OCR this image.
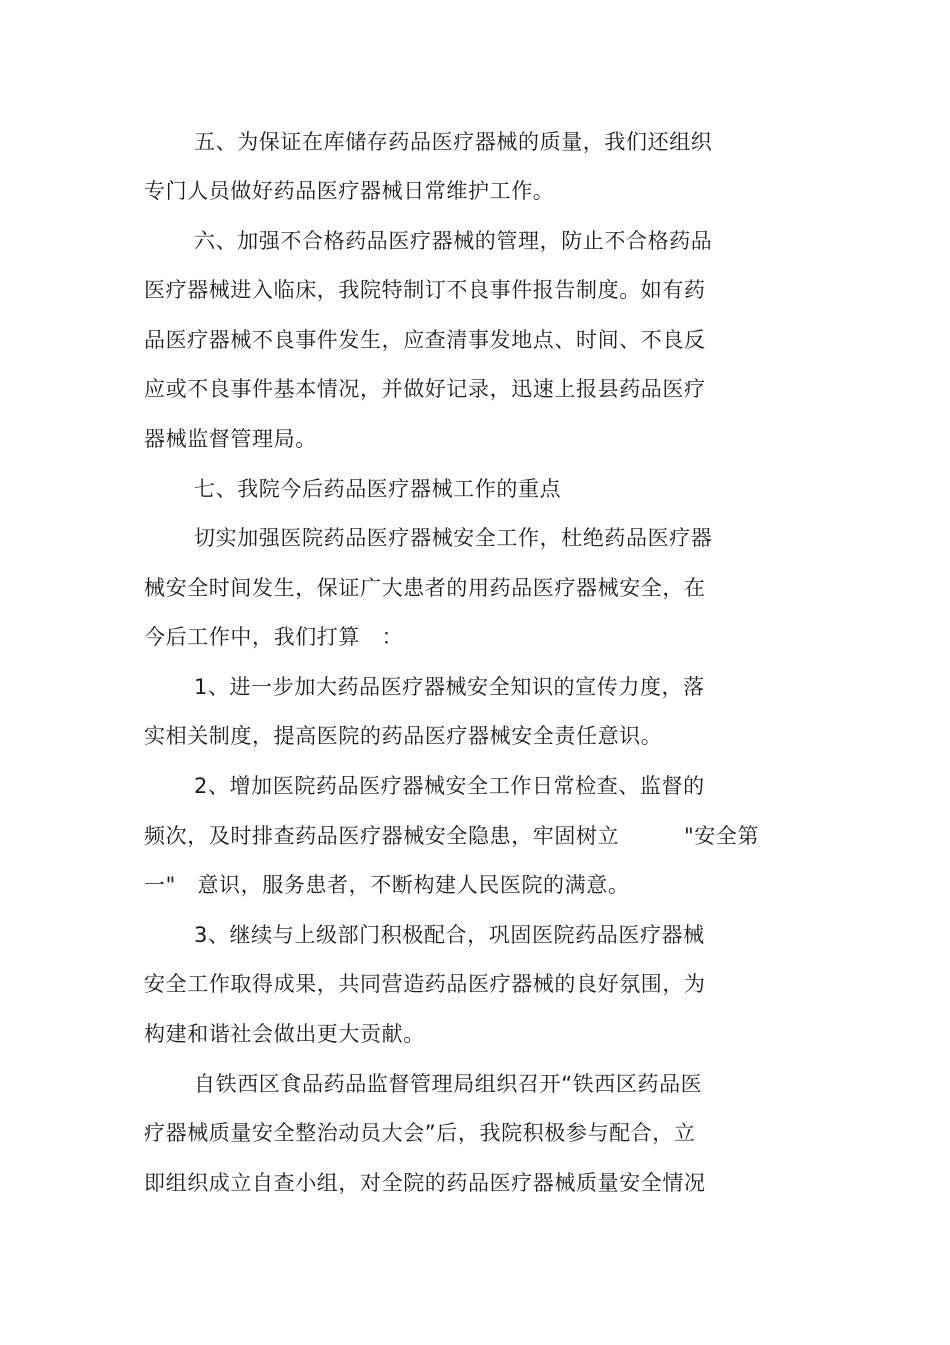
五、为保证在库储存药品医疗器械的质量，我们还组织
专门人员做好药品医疗器械日常维护工作。
六、加强不合格药品医疗器械的管理，防止不合格药品
医疗器械进入临床，我院特制订不良事件报告制度。如有药
品医疗器械不良事件发生，应查清事发地点、时间、不良反
应或不良事件基本情况，并做好记录，迅速上报县药品医疗
器械监督管理局。
七、我院今后药品医疗器械工作的重点
切实加强医院药品医疗器械安全工作，杜绝药品医疗器
械安全时间发生，保证广大患者的用药品医疗器械安全，在
今后工作中，我们打算　：
1、进一步加大药品医疗器械安全知识的宣传力度，落
实相关制度，提高医院的药品医疗器械安全责任意识。
2、增加医院药品医疗器械安全工作日常检查、监督的
频次，及时排查药品医疗器械安全隐患，牢固树立　　　"安全第
一"　意识，服务患者，不断构建人民医院的满意。
3、继续与上级部门积极配合，巩固医院药品医疗器械
安全工作取得成果，共同营造药品医疗器械的良好氛围，为
构建和谐社会做出更大贡献。
自铁西区食品药品监督管理局组织召开“铁西区药品医
疗器械质量安全整治动员大会”后，我院积极参与配合，立
即组织成立自查小组，对全院的药品医疗器械质量安全情况
